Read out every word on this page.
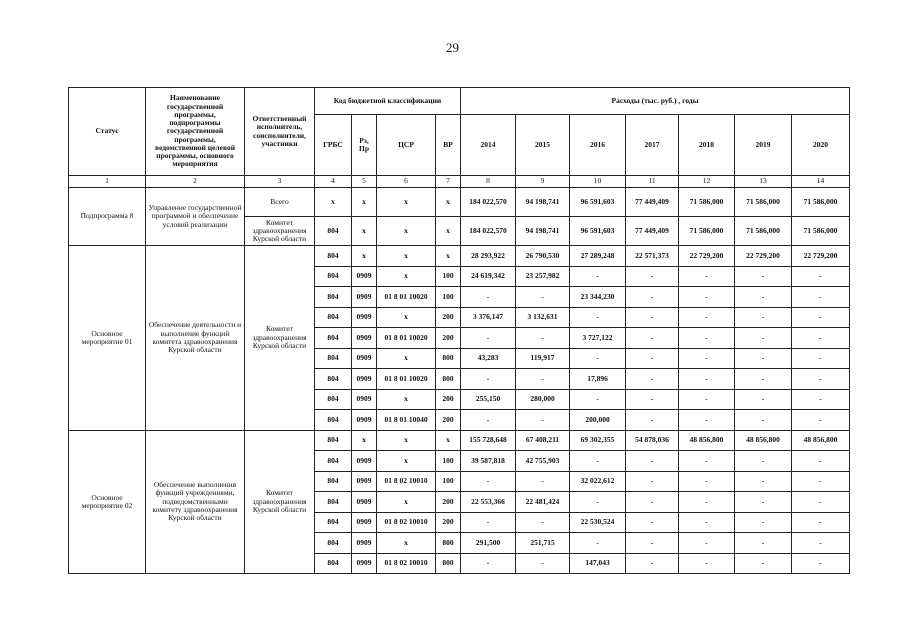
29
Статус	Наименование государственной программы, подпрограммы государственной программы, ведомственной целевой программы, основного мероприятия	Ответственный исполнитель, соисполнители, участники	Код бюджетной классификации				Расходы (тыс. руб.) , годы						
			ГРБС	Рз, Пр	ЦСР	ВР	2014	2015	2016	2017	2018	2019	2020
1	2	3	4	5	6	7	8	9	10	11	12	13	14
Подпрограмма 8	Управление государственной программой и обеспечение условий реализации	Всего	x	x	x	x	184 022,570	94 198,741	96 591,603	77 449,409	71 586,000	71 586,000	71 586,000
		Комитет здравоохранения Курской области	804	x	x	x	184 022,570	94 198,741	96 591,603	77 449,409	71 586,000	71 586,000	71 586,000
Основное мероприятие 01	Обеспечение деятельности и выполнение функций комитета здравоохранения Курской области	Комитет здравоохранения Курской области	804	x	x	x	28 293,922	26 790,530	27 289,248	22 571,373	22 729,200	22 729,200	22 729,200
			804	0909	x	100	24 619,342	23 257,982	-	-	-	-	-
			804	0909	01 8 01 10020	100	-	-	23 344,230	-	-	-	-
			804	0909	x	200	3 376,147	3 132,631	-	-	-	-	-
			804	0909	01 8 01 10020	200	-	-	3 727,122	-	-	-	-
			804	0909	x	800	43,283	119,917	-	-	-	-	-
			804	0909	01 8 01 10020	800	-	-	17,896	-	-	-	-
			804	0909	x	200	255,150	280,000	-	-	-	-	-
			804	0909	01 8 01 10040	200	-	-	200,000	-	-	-	-
Основное мероприятие 02	Обеспечение выполнения функций учреждениями, подведомственными комитету здравоохранения Курской области	Комитет здравоохранения Курской области	804	x	x	x	155 728,648	67 408,211	69 302,355	54 878,036	48 856,800	48 856,800	48 856,800
			804	0909	x	100	39 587,818	42 755,903	-	-	-	-	-
			804	0909	01 8 02 10010	100	-	-	32 022,612	-	-	-	-
			804	0909	x	200	22 553,366	22 481,424	-	-	-	-	-
			804	0909	01 8 02 10010	200	-	-	22 530,524	-	-	-	-
			804	0909	x	800	291,500	251,715	-	-	-	-	-
			804	0909	01 8 02 10010	800	-	-	147,043	-	-	-	-
